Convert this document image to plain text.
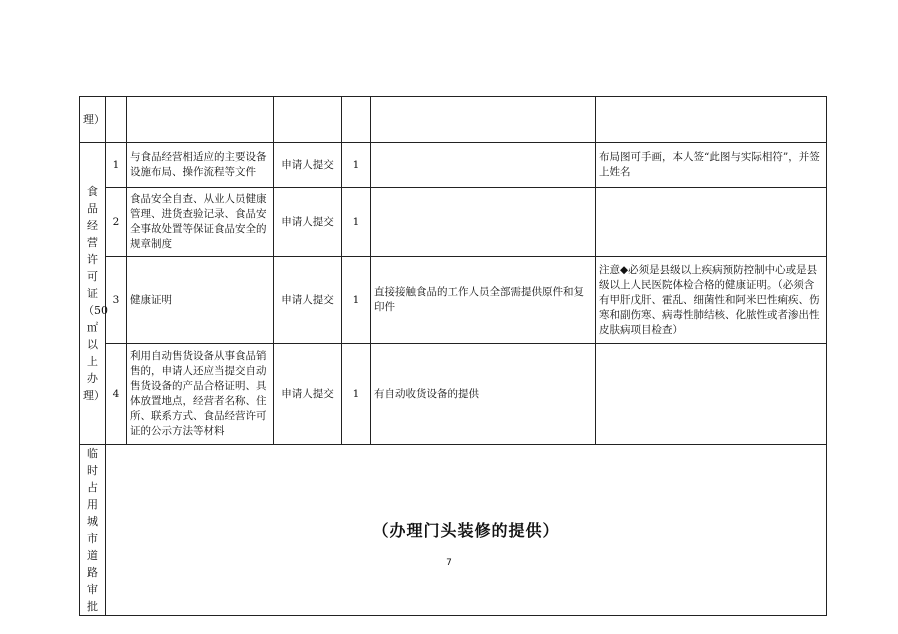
理）						
食品经营许可证（50㎡以上办理）	1	与食品经营相适应的主要设备设施布局、操作流程等文件	申请人提交	1		布局图可手画，本人签“此图与实际相符”，并签上姓名
	2	食品安全自查、从业人员健康管理、进货查验记录、食品安全事故处置等保证食品安全的规章制度	申请人提交	1		
	3	健康证明	申请人提交	1	直接接触食品的工作人员全部需提供原件和复印件	注意◆必须是县级以上疾病预防控制中心或是县级以上人民医院体检合格的健康证明。（必须含有甲肝戊肝、霍乱、细菌性和阿米巴性痢疾、伤寒和副伤寒、病毒性肺结核、化脓性或者渗出性皮肤病项目检查）
	4	利用自动售货设备从事食品销售的，申请人还应当提交自动售货设备的产品合格证明、具体放置地点，经营者名称、住所、联系方式、食品经营许可证的公示方法等材料	申请人提交	1	有自动收货设备的提供	
临时占用城市道路审批	（办理门头装修的提供）					
7
